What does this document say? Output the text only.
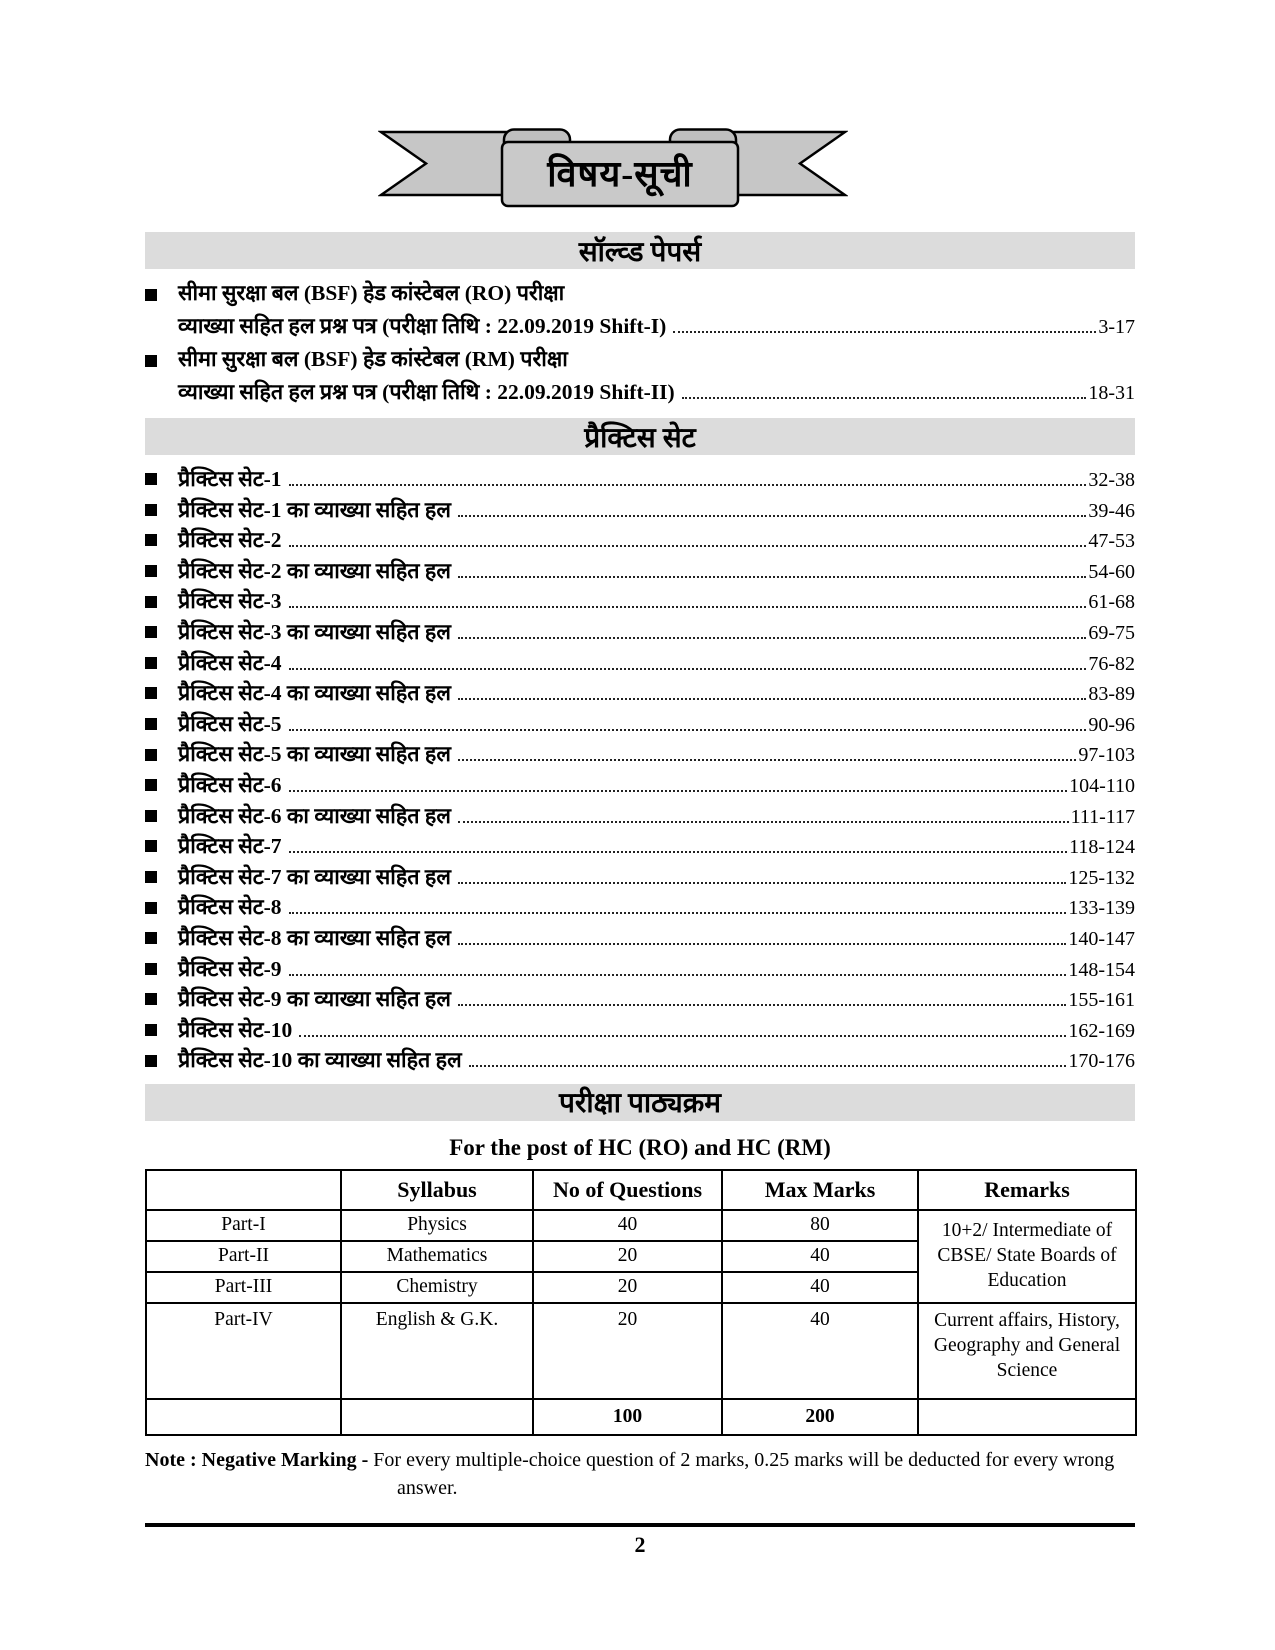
विषय-सूची
सॉल्व्ड पेपर्स
सीमा सुरक्षा बल (BSF) हेड कांस्टेबल (RO) परीक्षा
व्याख्या सहित हल प्रश्न पत्र (परीक्षा तिथि : 22.09.2019 Shift-I)	3-17
सीमा सुरक्षा बल (BSF) हेड कांस्टेबल (RM) परीक्षा
व्याख्या सहित हल प्रश्न पत्र (परीक्षा तिथि : 22.09.2019 Shift-II)	18-31
प्रैक्टिस सेट
प्रैक्टिस सेट-1	32-38
प्रैक्टिस सेट-1 का व्याख्या सहित हल	39-46
प्रैक्टिस सेट-2	47-53
प्रैक्टिस सेट-2 का व्याख्या सहित हल	54-60
प्रैक्टिस सेट-3	61-68
प्रैक्टिस सेट-3 का व्याख्या सहित हल	69-75
प्रैक्टिस सेट-4	76-82
प्रैक्टिस सेट-4 का व्याख्या सहित हल	83-89
प्रैक्टिस सेट-5	90-96
प्रैक्टिस सेट-5 का व्याख्या सहित हल	97-103
प्रैक्टिस सेट-6	104-110
प्रैक्टिस सेट-6 का व्याख्या सहित हल	111-117
प्रैक्टिस सेट-7	118-124
प्रैक्टिस सेट-7 का व्याख्या सहित हल	125-132
प्रैक्टिस सेट-8	133-139
प्रैक्टिस सेट-8 का व्याख्या सहित हल	140-147
प्रैक्टिस सेट-9	148-154
प्रैक्टिस सेट-9 का व्याख्या सहित हल	155-161
प्रैक्टिस सेट-10	162-169
प्रैक्टिस सेट-10 का व्याख्या सहित हल	170-176
परीक्षा पाठ्यक्रम
For the post of HC (RO) and HC (RM)
	Syllabus	No of Questions	Max Marks	Remarks
Part-I	Physics	40	80	10+2/ Intermediate of CBSE/ State Boards of Education
Part-II	Mathematics	20	40	
Part-III	Chemistry	20	40	
Part-IV	English & G.K.	20	40	Current affairs, History, Geography and General Science
		100	200	

Note : Negative Marking - For every multiple-choice question of 2 marks, 0.25 marks will be deducted for every wrong answer.

2
